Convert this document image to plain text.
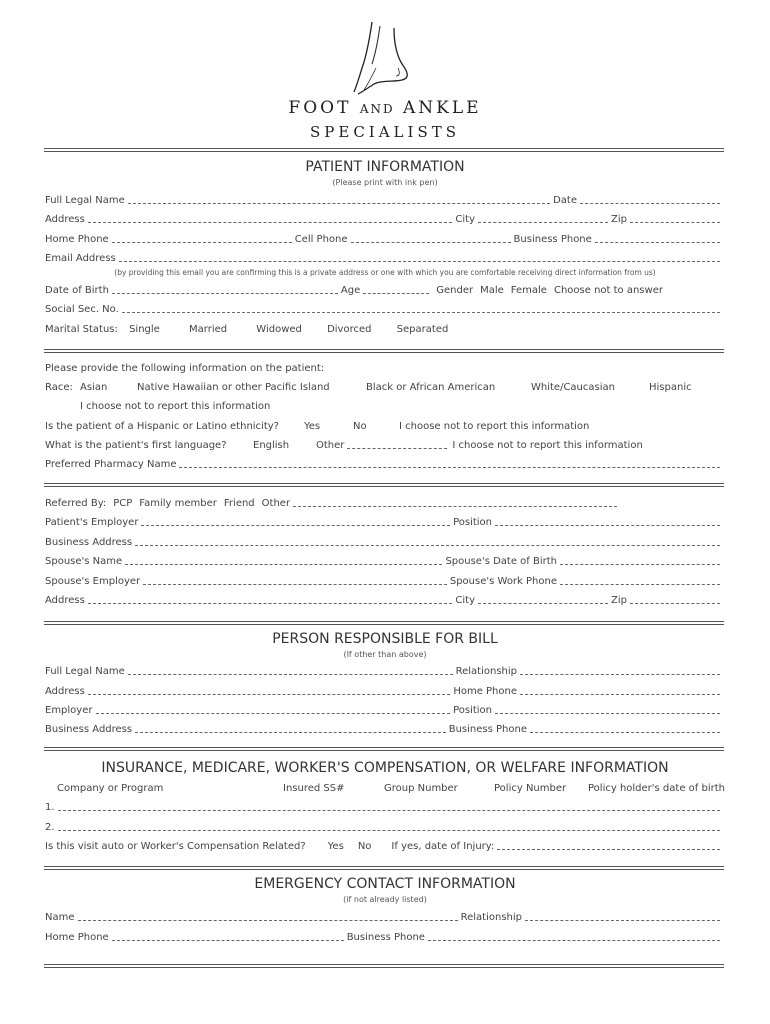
FOOT AND ANKLE
SPECIALISTS
PATIENT INFORMATION
(Please print with ink pen)
Full Legal Name	Date
Address	City	Zip
Home Phone	Cell Phone	Business Phone
Email Address
(by providing this email you are confirming this is a private address or one with which you are comfortable receiving direct information from us)
Date of Birth	Age	Gender Male Female Choose not to answer
Social Sec. No.
Marital Status: Single	Married	Widowed	Divorced	Separated
Please provide the following information on the patient:
Race: Asian	Native Hawaiian or other Pacific Island	Black or African American	White/Caucasian	Hispanic
I choose not to report this information
Is the patient of a Hispanic or Latino ethnicity?	Yes	No	I choose not to report this information
What is the patient's first language?	English	Other	I choose not to report this information
Preferred Pharmacy Name
Referred By: PCP Family member Friend Other
Patient's Employer	Position
Business Address
Spouse's Name	Spouse's Date of Birth
Spouse's Employer	Spouse's Work Phone
Address	City	Zip
PERSON RESPONSIBLE FOR BILL
(If other than above)
Full Legal Name	Relationship
Address	Home Phone
Employer	Position
Business Address	Business Phone
INSURANCE, MEDICARE, WORKER'S COMPENSATION, OR WELFARE INFORMATION
Company or Program	Insured SS#	Group Number	Policy Number Policy holder's date of birth
1.
2.
Is this visit auto or Worker's Compensation Related? Yes No If yes, date of Injury:
EMERGENCY CONTACT INFORMATION
(if not already listed)
Name	Relationship
Home Phone	Business Phone
